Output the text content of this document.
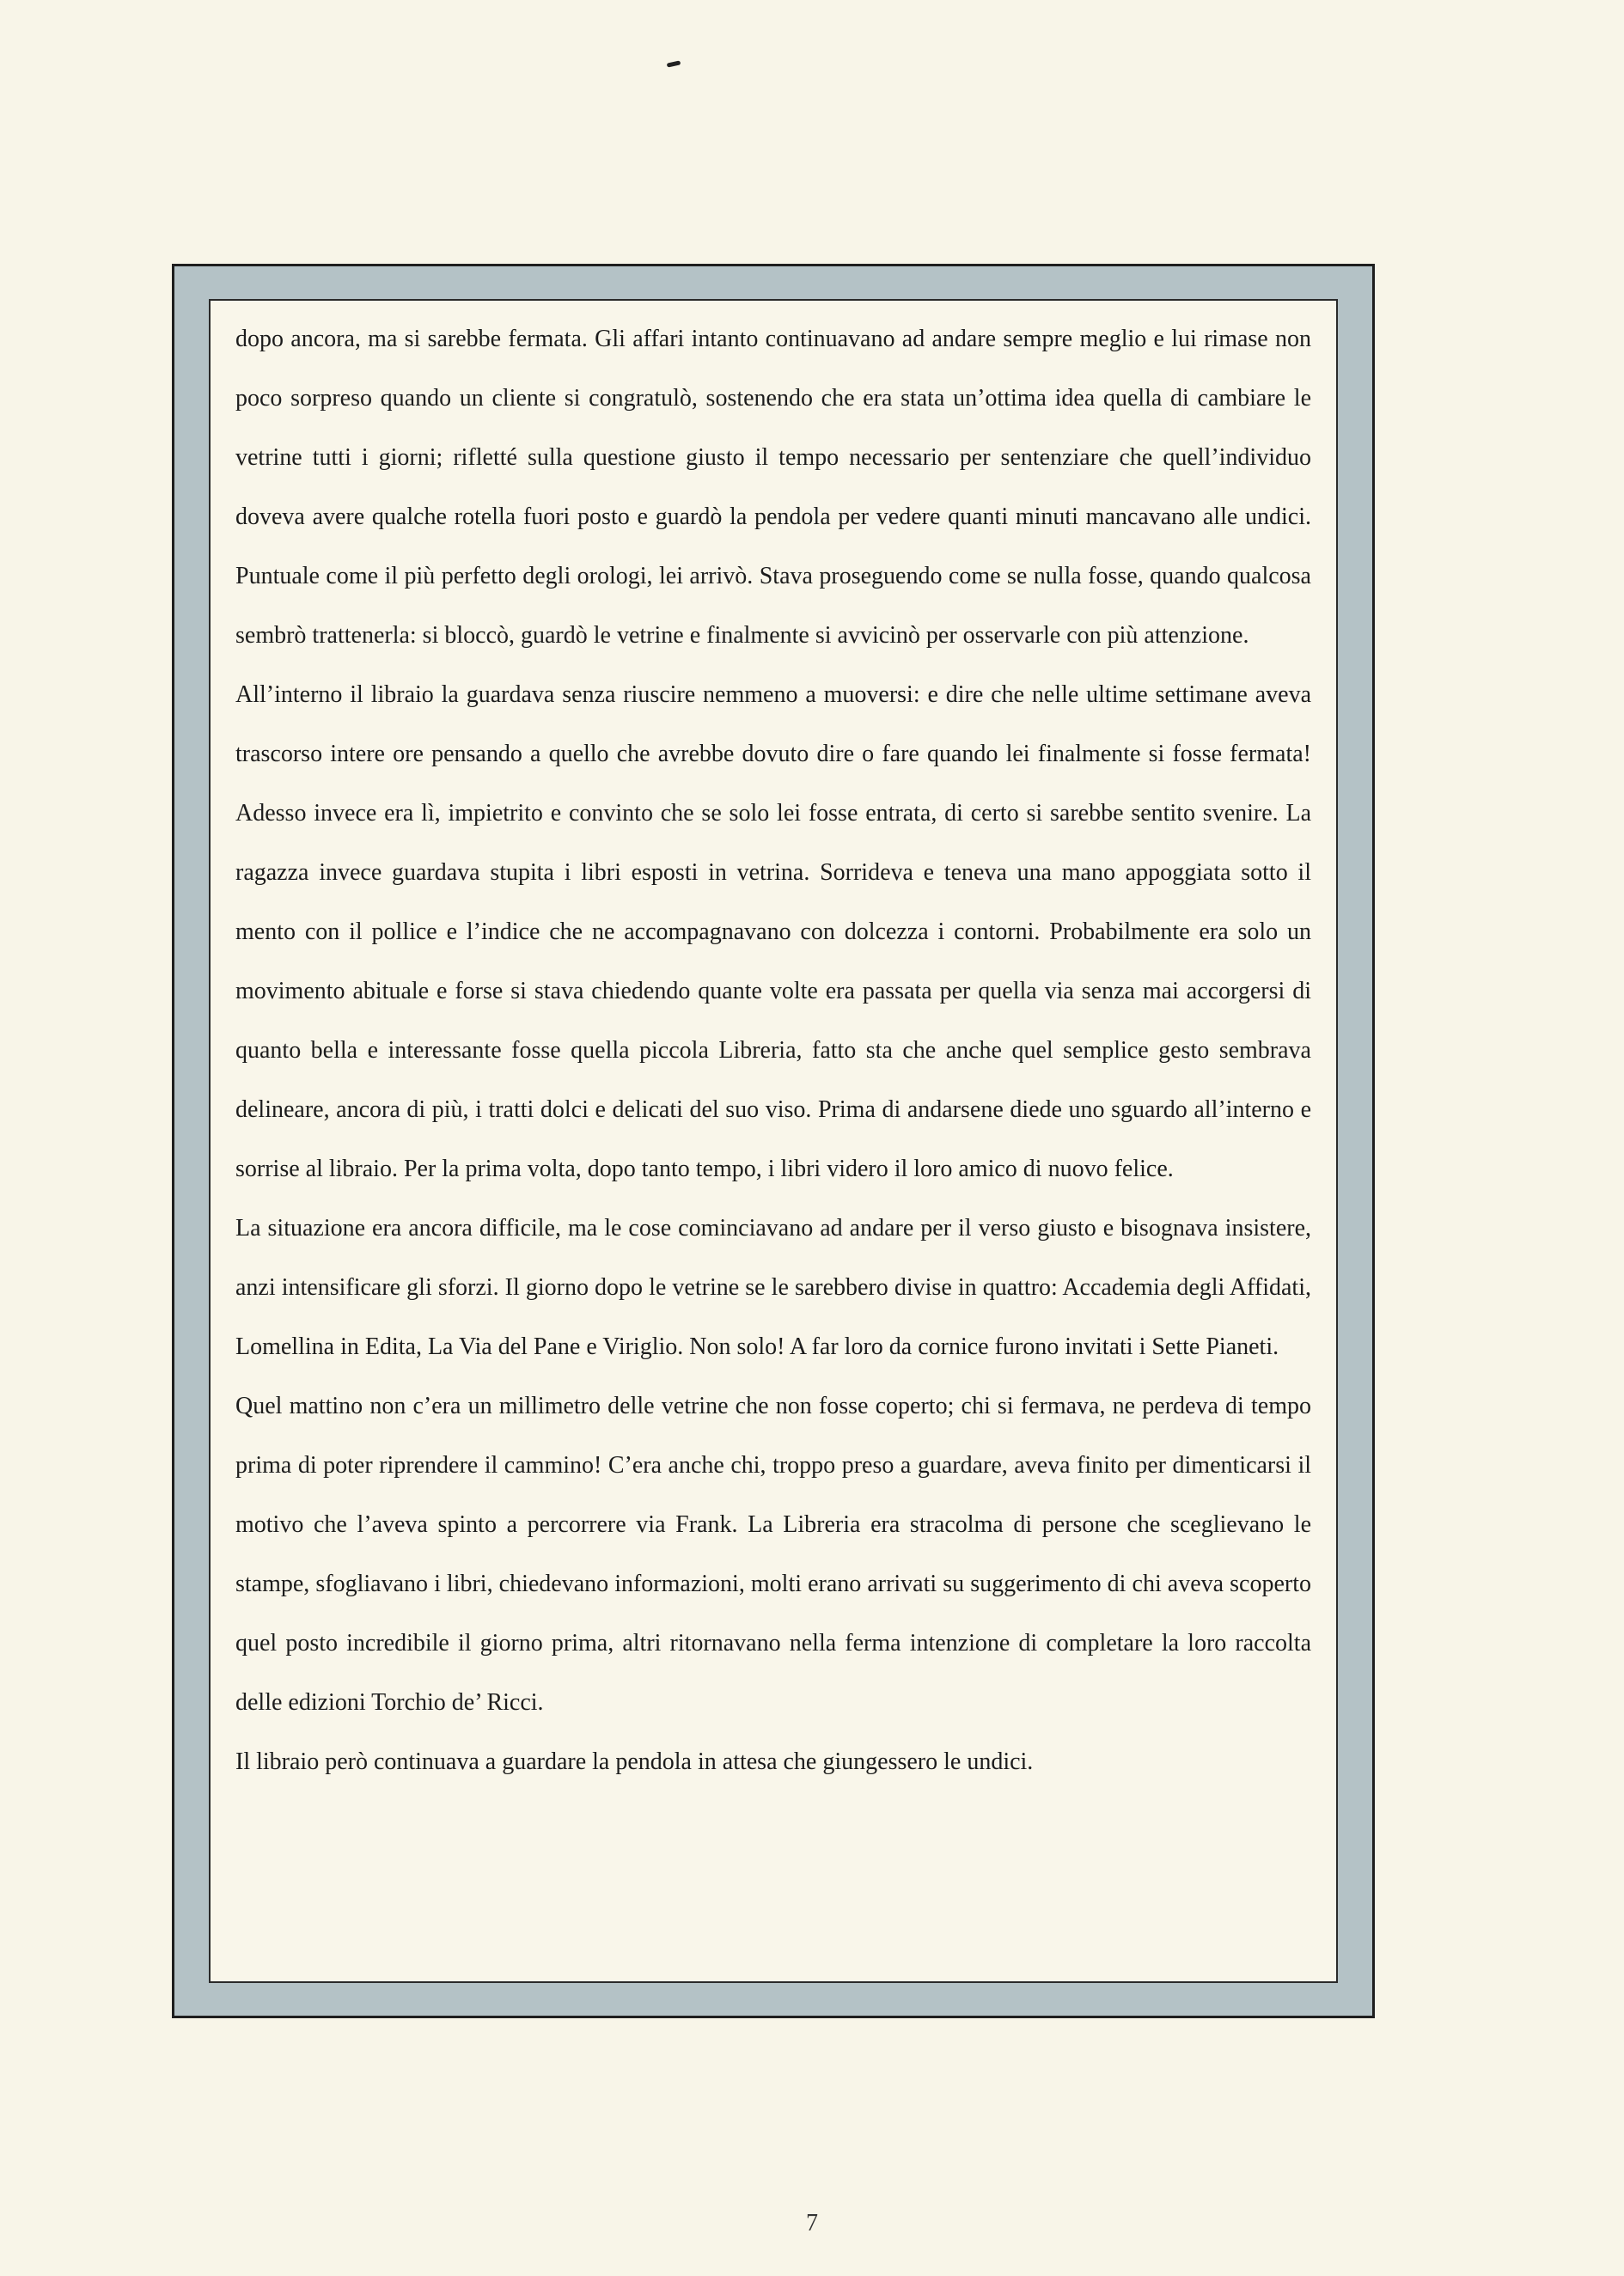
dopo ancora, ma si sarebbe fermata. Gli affari intanto continuavano ad andare sempre meglio e lui rimase non poco sorpreso quando un cliente si congratulò, sostenendo che era stata un’ottima idea quella di cambiare le vetrine tutti i giorni; rifletté sulla questione giusto il tempo necessario per sentenziare che quell’individuo doveva avere qualche rotella fuori posto e guardò la pendola per vedere quanti minuti mancavano alle undici. Puntuale come il più perfetto degli orologi, lei arrivò. Stava proseguendo come se nulla fosse, quando qualcosa sembrò trattenerla: si bloccò, guardò le vetrine e finalmente si avvicinò per osservarle con più attenzione.

All’interno il libraio la guardava senza riuscire nemmeno a muoversi: e dire che nelle ultime settimane aveva trascorso intere ore pensando a quello che avrebbe dovuto dire o fare quando lei finalmente si fosse fermata! Adesso invece era lì, impietrito e convinto che se solo lei fosse entrata, di certo si sarebbe sentito svenire. La ragazza invece guardava stupita i libri esposti in vetrina. Sorrideva e teneva una mano appoggiata sotto il mento con il pollice e l’indice che ne accompagnavano con dolcezza i contorni. Probabilmente era solo un movimento abituale e forse si stava chiedendo quante volte era passata per quella via senza mai accorgersi di quanto bella e interessante fosse quella piccola Libreria, fatto sta che anche quel semplice gesto sembrava delineare, ancora di più, i tratti dolci e delicati del suo viso. Prima di andarsene diede uno sguardo all’interno e sorrise al libraio. Per la prima volta, dopo tanto tempo, i libri videro il loro amico di nuovo felice.

La situazione era ancora difficile, ma le cose cominciavano ad andare per il verso giusto e bisognava insistere, anzi intensificare gli sforzi. Il giorno dopo le vetrine se le sarebbero divise in quattro: Accademia degli Affidati, Lomellina in Edita, La Via del Pane e Viriglio. Non solo! A far loro da cornice furono invitati i Sette Pianeti.

Quel mattino non c’era un millimetro delle vetrine che non fosse coperto; chi si fermava, ne perdeva di tempo prima di poter riprendere il cammino! C’era anche chi, troppo preso a guardare, aveva finito per dimenticarsi il motivo che l’aveva spinto a percorrere via Frank. La Libreria era stracolma di persone che sceglievano le stampe, sfogliavano i libri, chiedevano informazioni, molti erano arrivati su suggerimento di chi aveva scoperto quel posto incredibile il giorno prima, altri ritornavano nella ferma intenzione di completare la loro raccolta delle edizioni Torchio de’ Ricci.

Il libraio però continuava a guardare la pendola in attesa che giungessero le undici.

7
